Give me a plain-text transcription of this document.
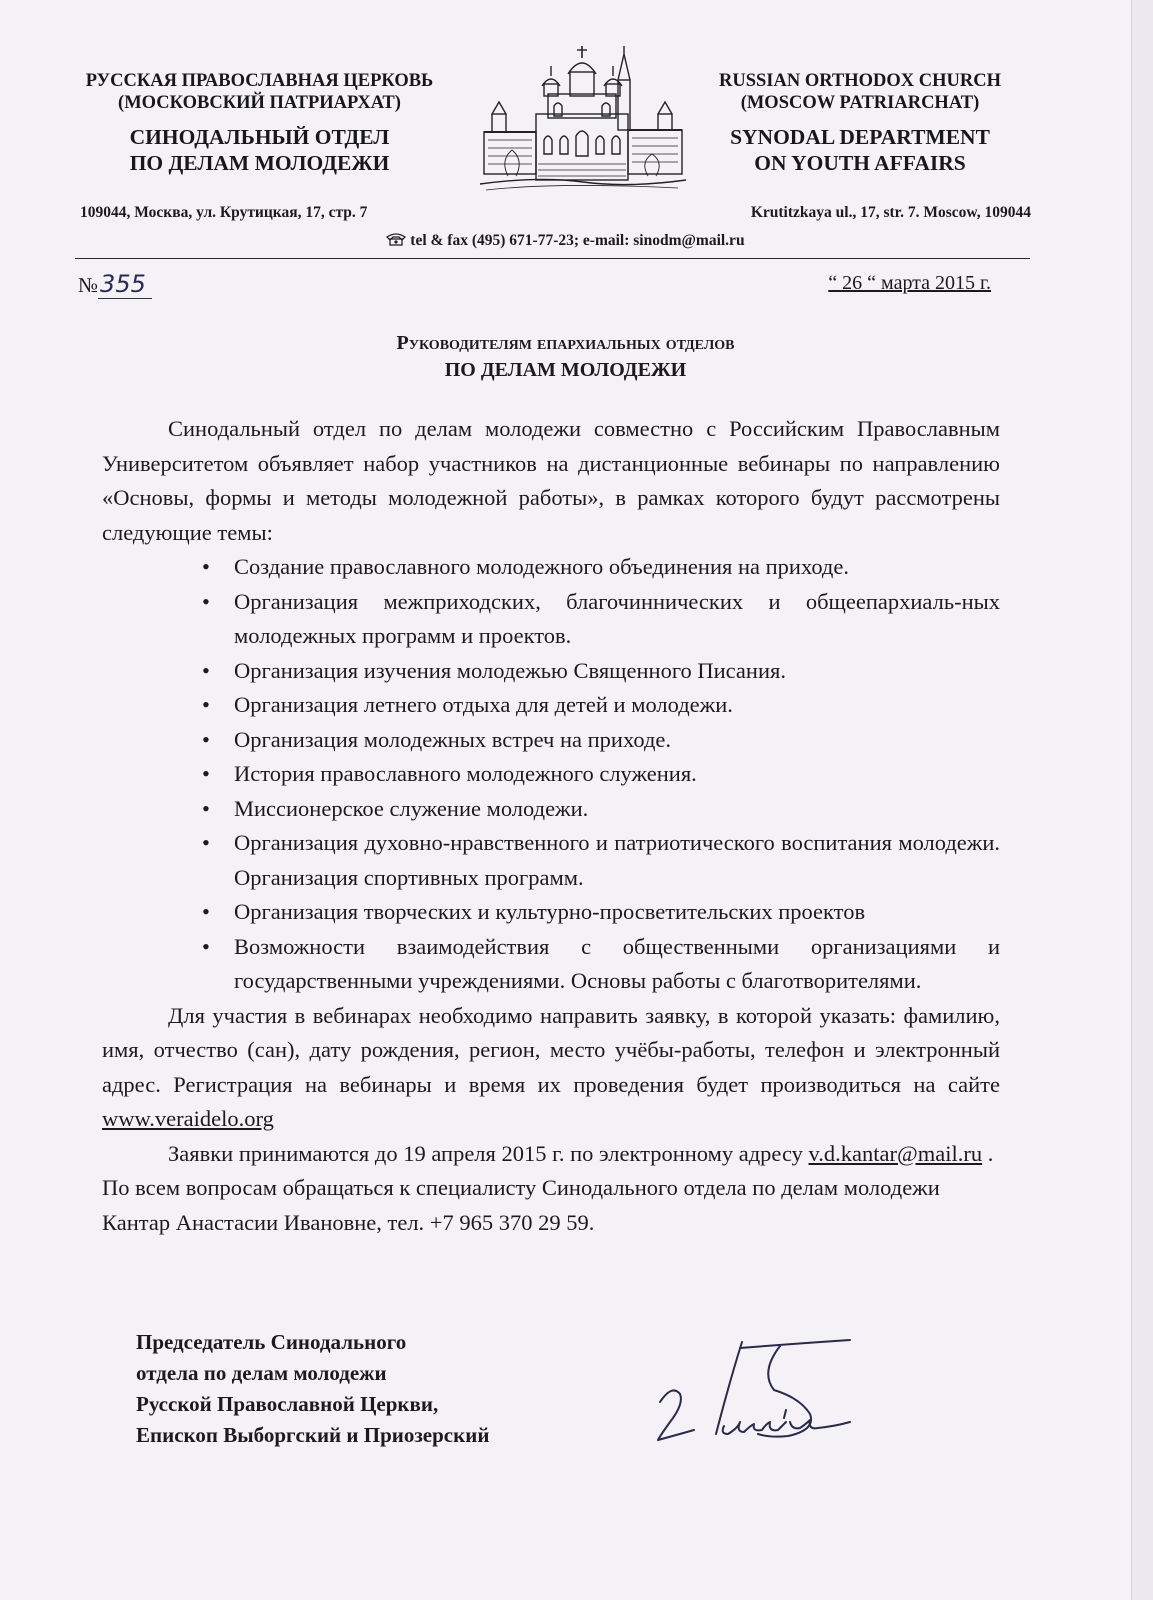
РУССКАЯ ПРАВОСЛАВНАЯ ЦЕРКОВЬ
(МОСКОВСКИЙ ПАТРИАРХАТ)
СИНОДАЛЬНЫЙ ОТДЕЛ
ПО ДЕЛАМ МОЛОДЕЖИ
RUSSIAN ORTHODOX CHURCH
(MOSCOW PATRIARCHAT)
SYNODAL DEPARTMENT
ON YOUTH AFFAIRS
109044, Москва, ул. Крутицкая, 17, стр. 7	Krutitzkaya ul., 17, str. 7. Moscow, 109044
tel & fax (495) 671-77-23; e-mail: sinodm@mail.ru
№355	“ 26 “ марта 2015 г.
Руководителям епархиальных отделов
ПО ДЕЛАМ МОЛОДЕЖИ

Синодальный отдел по делам молодежи совместно с Российским Православным Университетом объявляет набор участников на дистанционные вебинары по направлению «Основы, формы и методы молодежной работы», в рамках которого будут рассмотрены следующие темы:

• Создание православного молодежного объединения на приходе.
• Организация межприходских, благочиннических и общеепархиаль-ных молодежных программ и проектов.
• Организация изучения молодежью Священного Писания.
• Организация летнего отдыха для детей и молодежи.
• Организация молодежных встреч на приходе.
• История православного молодежного служения.
• Миссионерское служение молодежи.
• Организация духовно-нравственного и патриотического воспитания молодежи. Организация спортивных программ.
• Организация творческих и культурно-просветительских проектов
• Возможности взаимодействия с общественными организациями и государственными учреждениями. Основы работы с благотворителями.

Для участия в вебинарах необходимо направить заявку, в которой указать: фамилию, имя, отчество (сан), дату рождения, регион, место учёбы-работы, телефон и электронный адрес. Регистрация на вебинары и время их проведения будет производиться на сайте www.veraidelo.org

Заявки принимаются до 19 апреля 2015 г. по электронному адресу v.d.kantar@mail.ru . По всем вопросам обращаться к специалисту Синодального отдела по делам молодежи Кантар Анастасии Ивановне, тел. +7 965 370 29 59.

Председатель Синодального
отдела по делам молодежи
Русской Православной Церкви,
Епископ Выборгский и Приозерский
